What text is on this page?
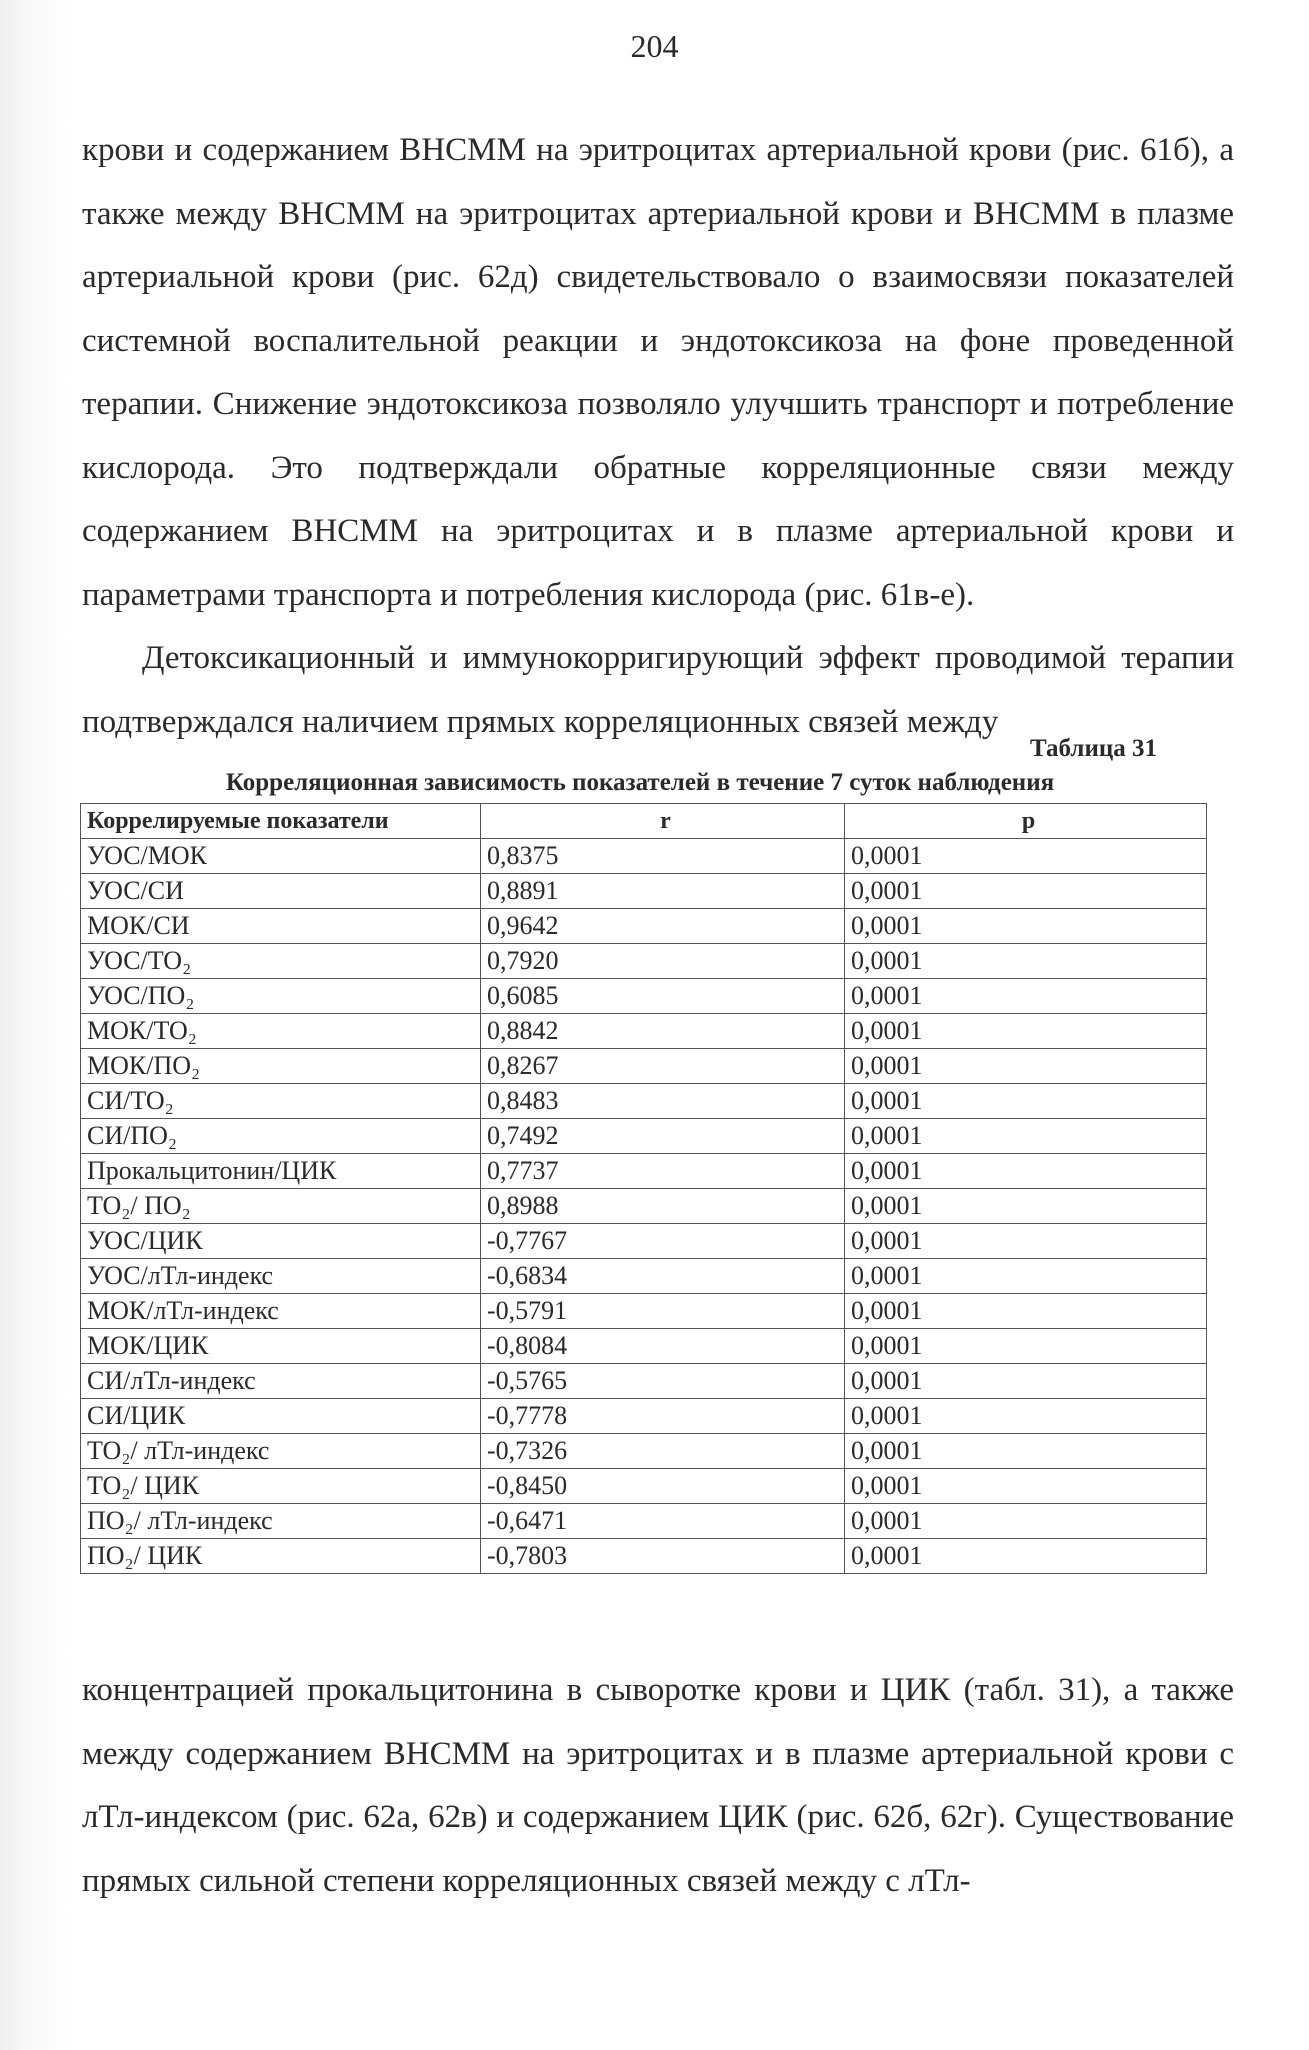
204

крови и содержанием ВНСММ на эритроцитах артериальной крови (рис. 61б), а также между ВНСММ на эритроцитах артериальной крови и ВНСММ в плазме артериальной крови (рис. 62д) свидетельствовало о взаимосвязи показателей системной воспалительной реакции и эндотоксикоза на фоне проведенной терапии. Снижение эндотоксикоза позволяло улучшить транспорт и потребление кислорода. Это подтверждали обратные корреляционные связи между содержанием ВНСММ на эритроцитах и в плазме артериальной крови и параметрами транспорта и потребления кислорода (рис. 61в-е).

Детоксикационный и иммунокорригирующий эффект проводимой терапии подтверждался наличием прямых корреляционных связей между

Таблица 31
Корреляционная зависимость показателей в течение 7 суток наблюдения
Коррелируемые показатели	r	p
УОС/МОК	0,8375	0,0001
УОС/СИ	0,8891	0,0001
МОК/СИ	0,9642	0,0001
УОС/ТО₂	0,7920	0,0001
УОС/ПО₂	0,6085	0,0001
МОК/ТО₂	0,8842	0,0001
МОК/ПО₂	0,8267	0,0001
СИ/ТО₂	0,8483	0,0001
СИ/ПО₂	0,7492	0,0001
Прокальцитонин/ЦИК	0,7737	0,0001
ТО₂/ ПО₂	0,8988	0,0001
УОС/ЦИК	-0,7767	0,0001
УОС/лТл-индекс	-0,6834	0,0001
МОК/лТл-индекс	-0,5791	0,0001
МОК/ЦИК	-0,8084	0,0001
СИ/лТл-индекс	-0,5765	0,0001
СИ/ЦИК	-0,7778	0,0001
ТО₂/ лТл-индекс	-0,7326	0,0001
ТО₂/ ЦИК	-0,8450	0,0001
ПО₂/ лТл-индекс	-0,6471	0,0001
ПО₂/ ЦИК	-0,7803	0,0001

концентрацией прокальцитонина в сыворотке крови и ЦИК (табл. 31), а также между содержанием ВНСММ на эритроцитах и в плазме артериальной крови с лТл-индексом (рис. 62а, 62в) и содержанием ЦИК (рис. 62б, 62г). Существование прямых сильной степени корреляционных связей между с лТл-
